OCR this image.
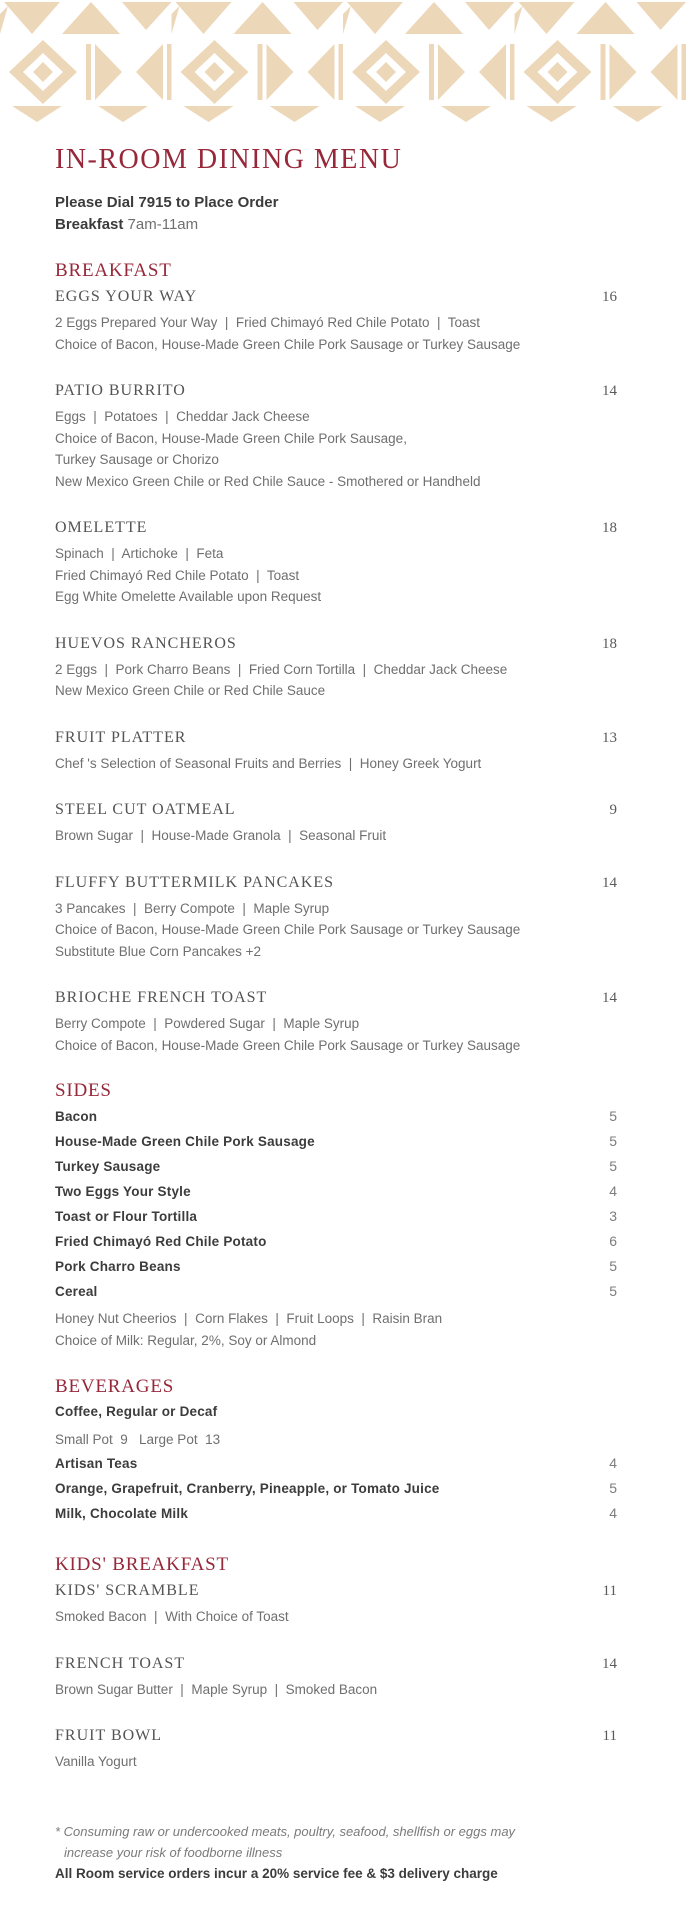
IN-ROOM DINING MENU

Please Dial 7915 to Place Order

Breakfast 7am-11am

BREAKFAST
EGGS YOUR WAY	16
2 Eggs Prepared Your Way  |  Fried Chimayó Red Chile Potato  |  Toast
Choice of Bacon, House-Made Green Chile Pork Sausage or Turkey Sausage
PATIO BURRITO	14
Eggs  |  Potatoes  |  Cheddar Jack Cheese
Choice of Bacon, House-Made Green Chile Pork Sausage,
Turkey Sausage or Chorizo
New Mexico Green Chile or Red Chile Sauce - Smothered or Handheld
OMELETTE	18
Spinach  |  Artichoke  |  Feta
Fried Chimayó Red Chile Potato  |  Toast
Egg White Omelette Available upon Request
HUEVOS RANCHEROS	18
2 Eggs  |  Pork Charro Beans  |  Fried Corn Tortilla  |  Cheddar Jack Cheese
New Mexico Green Chile or Red Chile Sauce
FRUIT PLATTER	13
Chef 's Selection of Seasonal Fruits and Berries  |  Honey Greek Yogurt
STEEL CUT OATMEAL	9
Brown Sugar  |  House-Made Granola  |  Seasonal Fruit
FLUFFY BUTTERMILK PANCAKES	14
3 Pancakes  |  Berry Compote  |  Maple Syrup
Choice of Bacon, House-Made Green Chile Pork Sausage or Turkey Sausage
Substitute Blue Corn Pancakes +2
BRIOCHE FRENCH TOAST	14
Berry Compote  |  Powdered Sugar  |  Maple Syrup
Choice of Bacon, House-Made Green Chile Pork Sausage or Turkey Sausage
SIDES
Bacon	5
House-Made Green Chile Pork Sausage	5
Turkey Sausage	5
Two Eggs Your Style	4
Toast or Flour Tortilla	3
Fried Chimayó Red Chile Potato	6
Pork Charro Beans	5
Cereal	5
Honey Nut Cheerios  |  Corn Flakes  |  Fruit Loops  |  Raisin Bran
Choice of Milk: Regular, 2%, Soy or Almond
BEVERAGES
Coffee, Regular or Decaf
Small Pot  9   Large Pot  13
Artisan Teas	4
Orange, Grapefruit, Cranberry, Pineapple, or Tomato Juice	5
Milk, Chocolate Milk	4
KIDS' BREAKFAST
KIDS' SCRAMBLE	11
Smoked Bacon  |  With Choice of Toast
FRENCH TOAST	14
Brown Sugar Butter  |  Maple Syrup  |  Smoked Bacon
FRUIT BOWL	11
Vanilla Yogurt

* Consuming raw or undercooked meats, poultry, seafood, shellfish or eggs may

increase your risk of foodborne illness

All Room service orders incur a 20% service fee & $3 delivery charge
